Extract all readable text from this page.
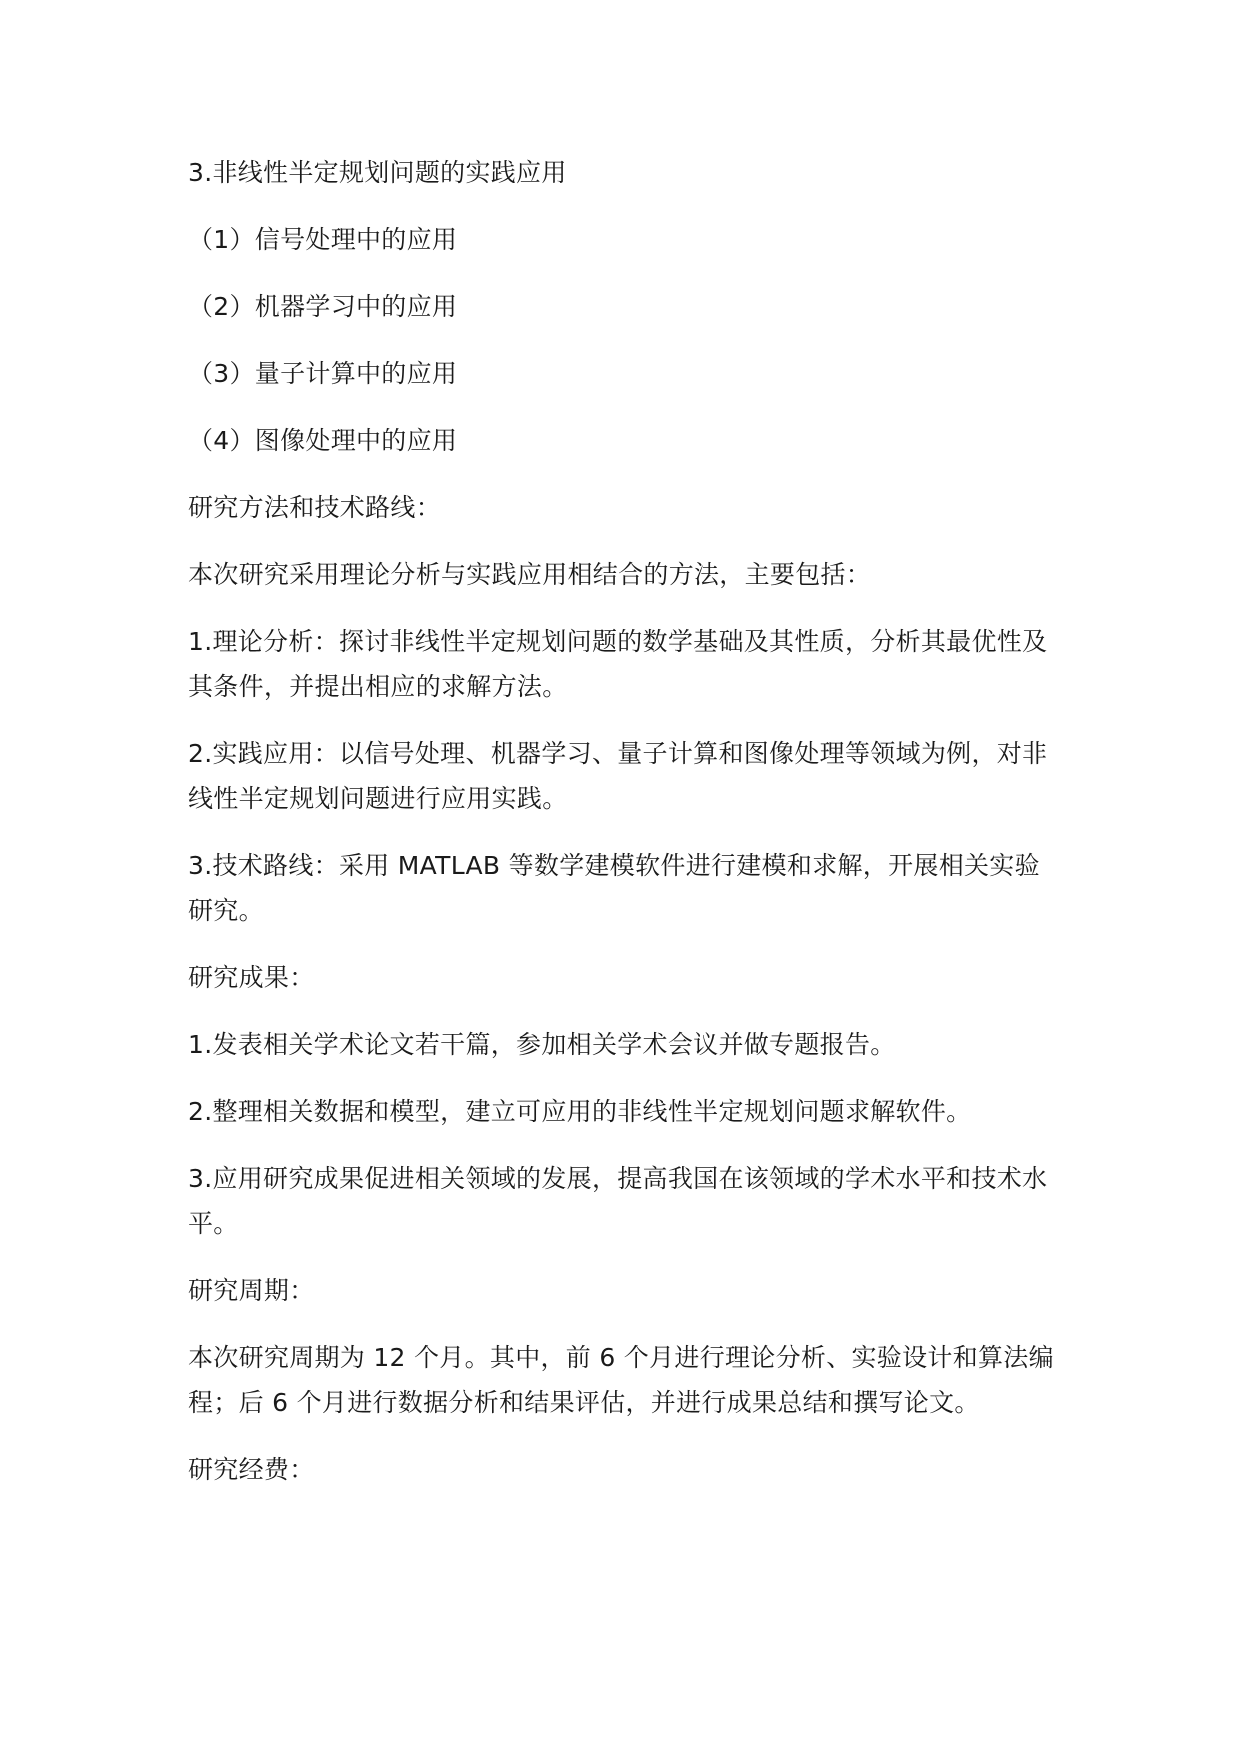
3.非线性半定规划问题的实践应用

（1）信号处理中的应用

（2）机器学习中的应用

（3）量子计算中的应用

（4）图像处理中的应用

研究方法和技术路线：

本次研究采用理论分析与实践应用相结合的方法，主要包括：

1.理论分析：探讨非线性半定规划问题的数学基础及其性质，分析其最优性及其条件，并提出相应的求解方法。

2.实践应用：以信号处理、机器学习、量子计算和图像处理等领域为例，对非线性半定规划问题进行应用实践。

3.技术路线：采用 MATLAB 等数学建模软件进行建模和求解，开展相关实验研究。

研究成果：

1.发表相关学术论文若干篇，参加相关学术会议并做专题报告。

2.整理相关数据和模型，建立可应用的非线性半定规划问题求解软件。

3.应用研究成果促进相关领域的发展，提高我国在该领域的学术水平和技术水平。

研究周期：

本次研究周期为 12 个月。其中，前 6 个月进行理论分析、实验设计和算法编程；后 6 个月进行数据分析和结果评估，并进行成果总结和撰写论文。

研究经费：
